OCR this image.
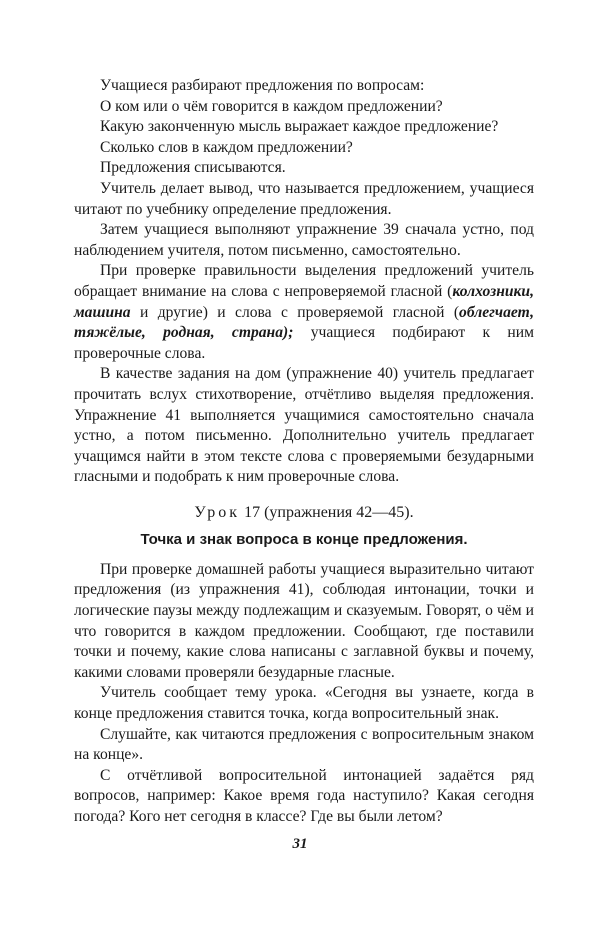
Учащиеся разбирают предложения по вопросам:

О ком или о чём говорится в каждом предложении?

Какую законченную мысль выражает каждое предложение?

Сколько слов в каждом предложении?

Предложения списываются.

Учитель делает вывод, что называется предложением, учащиеся читают по учебнику определение предложения.

Затем учащиеся выполняют упражнение 39 сначала устно, под наблюдением учителя, потом письменно, самостоятельно.

При проверке правильности выделения предложений учитель обращает внимание на слова с непроверяемой гласной (колхозники, машина и другие) и слова с проверяемой гласной (облегчает, тяжёлые, родная, страна); учащиеся подбирают к ним проверочные слова.

В качестве задания на дом (упражнение 40) учитель предлагает прочитать вслух стихотворение, отчётливо выделяя предложения. Упражнение 41 выполняется учащимися самостоятельно сначала устно, а потом письменно. Дополнительно учитель предлагает учащимся найти в этом тексте слова с проверяемыми безударными гласными и подобрать к ним проверочные слова.

Урок 17 (упражнения 42—45).
Точка и знак вопроса в конце предложения.

При проверке домашней работы учащиеся выразительно читают предложения (из упражнения 41), соблюдая интонации, точки и логические паузы между подлежащим и сказуемым. Говорят, о чём и что говорится в каждом предложении. Сообщают, где поставили точки и почему, какие слова написаны с заглавной буквы и почему, какими словами проверяли безударные гласные.

Учитель сообщает тему урока. «Сегодня вы узнаете, когда в конце предложения ставится точка, когда вопросительный знак.

Слушайте, как читаются предложения с вопросительным знаком на конце».

С отчётливой вопросительной интонацией задаётся ряд вопросов, например: Какое время года наступило? Какая сегодня погода? Кого нет сегодня в классе? Где вы были летом?

31
